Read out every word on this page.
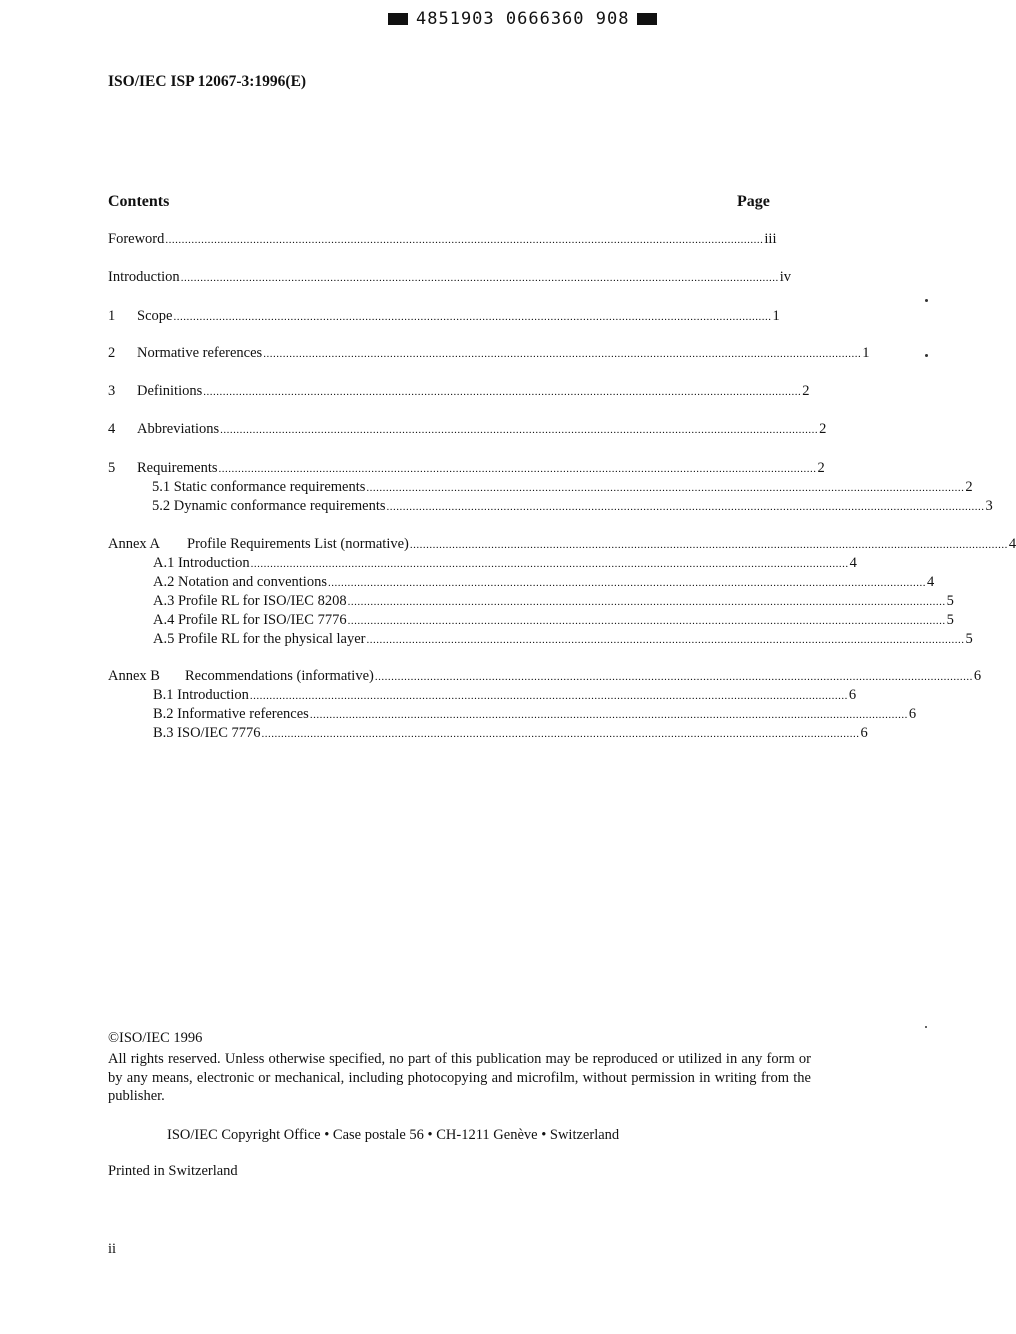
4851903 0666360 908
ISO/IEC ISP 12067-3:1996(E)
Contents	Page
Foreword ........................................................................................................................................................................................ iii
Introduction ........................................................................................................................................................................................ iv
1	Scope ........................................................................................................................................................................................ 1
2	Normative references ........................................................................................................................................................................................ 1
3	Definitions ........................................................................................................................................................................................ 2
4	Abbreviations ........................................................................................................................................................................................ 2
5	Requirements ........................................................................................................................................................................................ 2
5.1 Static conformance requirements ........................................................................................................................................................................................ 2
5.2 Dynamic conformance requirements ........................................................................................................................................................................................ 3
Annex A	Profile Requirements List (normative) ........................................................................................................................................................................................ 4
A.1 Introduction ........................................................................................................................................................................................ 4
A.2 Notation and conventions ........................................................................................................................................................................................ 4
A.3 Profile RL for ISO/IEC 8208 ........................................................................................................................................................................................ 5
A.4 Profile RL for ISO/IEC 7776 ........................................................................................................................................................................................ 5
A.5 Profile RL for the physical layer ........................................................................................................................................................................................ 5
Annex B	Recommendations (informative) ........................................................................................................................................................................................ 6
B.1 Introduction ........................................................................................................................................................................................ 6
B.2 Informative references ........................................................................................................................................................................................ 6
B.3 ISO/IEC 7776 ........................................................................................................................................................................................ 6
©ISO/IEC 1996
All rights reserved. Unless otherwise specified, no part of this publication may be reproduced or utilized in any form or by any means, electronic or mechanical, including photocopying and microfilm, without permission in writing from the publisher.
ISO/IEC Copyright Office • Case postale 56 • CH-1211 Genève • Switzerland
Printed in Switzerland
ii
